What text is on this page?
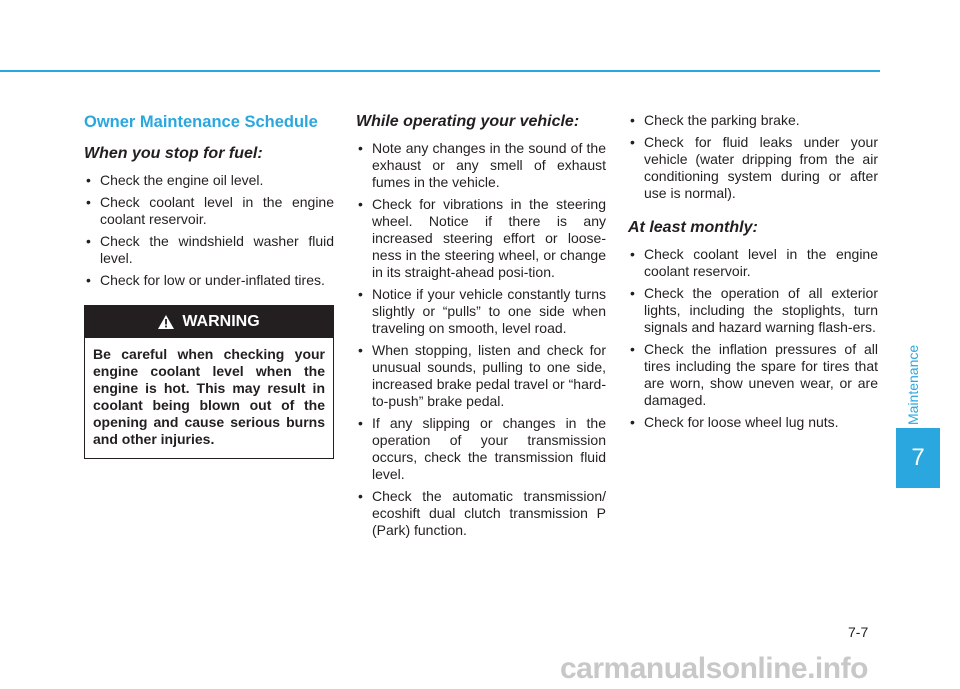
Maintenance
7
Owner Maintenance Schedule
When you stop for fuel:
• Check the engine oil level.
• Check coolant level in the engine coolant reservoir.
• Check the windshield washer fluid level.
• Check for low or under-inflated tires.
WARNING
Be careful when checking your engine coolant level when the engine is hot. This may result in coolant being blown out of the opening and cause serious burns and other injuries.
While operating your vehicle:
• Note any changes in the sound of the exhaust or any smell of exhaust fumes in the vehicle.
• Check for vibrations in the steering wheel. Notice if there is any increased steering effort or loose-ness in the steering wheel, or change in its straight-ahead posi-tion.
• Notice if your vehicle constantly turns slightly or “pulls” to one side when traveling on smooth, level road.
• When stopping, listen and check for unusual sounds, pulling to one side, increased brake pedal travel or “hard-to-push” brake pedal.
• If any slipping or changes in the operation of your transmission occurs, check the transmission fluid level.
• Check the automatic transmission/ ecoshift dual clutch transmission P (Park) function.
• Check the parking brake.
• Check for fluid leaks under your vehicle (water dripping from the air conditioning system during or after use is normal).
At least monthly:
• Check coolant level in the engine coolant reservoir.
• Check the operation of all exterior lights, including the stoplights, turn signals and hazard warning flash-ers.
• Check the inflation pressures of all tires including the spare for tires that are worn, show uneven wear, or are damaged.
• Check for loose wheel lug nuts.
7-7
carmanualsonline.info
